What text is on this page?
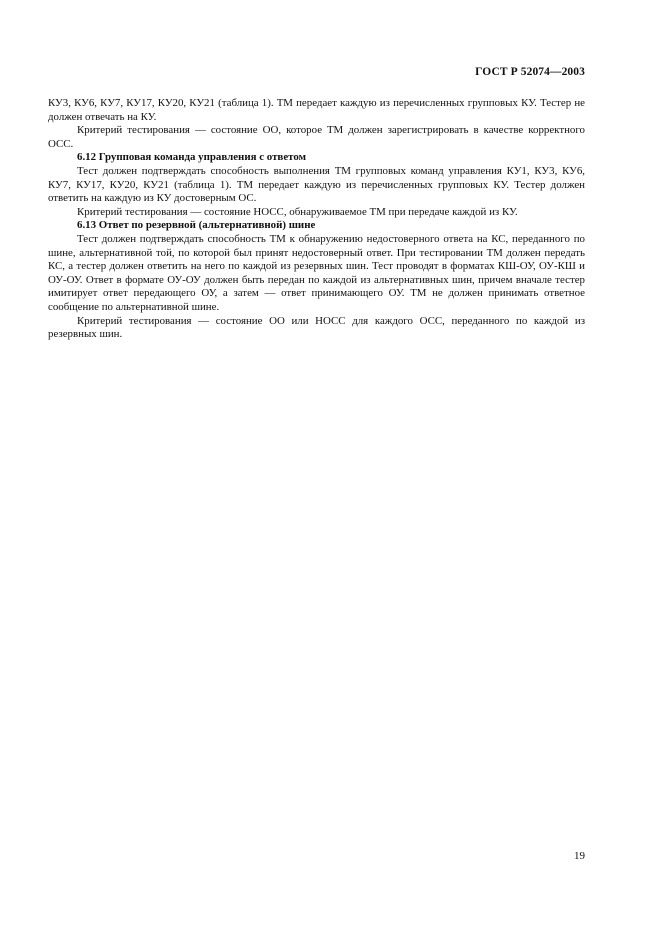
ГОСТ Р 52074—2003

КУ3, КУ6, КУ7, КУ17, КУ20, КУ21 (таблица 1). ТМ передает каждую из перечисленных групповых КУ. Тестер не должен отвечать на КУ.

Критерий тестирования — состояние ОО, которое ТМ должен зарегистрировать в качестве корректного ОСС.

6.12 Групповая команда управления с ответом

Тест должен подтверждать способность выполнения ТМ групповых команд управления КУ1, КУ3, КУ6, КУ7, КУ17, КУ20, КУ21 (таблица 1). ТМ передает каждую из перечисленных групповых КУ. Тестер должен ответить на каждую из КУ достоверным ОС.

Критерий тестирования — состояние НОСС, обнаруживаемое ТМ при передаче каждой из КУ.

6.13 Ответ по резервной (альтернативной) шине

Тест должен подтверждать способность ТМ к обнаружению недостоверного ответа на КС, переданного по шине, альтернативной той, по которой был принят недостоверный ответ. При тестировании ТМ должен передать КС, а тестер должен ответить на него по каждой из резервных шин. Тест проводят в форматах КШ-ОУ, ОУ-КШ и ОУ-ОУ. Ответ в формате ОУ-ОУ должен быть передан по каждой из альтернативных шин, причем вначале тестер имитирует ответ передающего ОУ, а затем — ответ принимающего ОУ. ТМ не должен принимать ответное сообщение по альтернативной шине.

Критерий тестирования — состояние ОО или НОСС для каждого ОСС, переданного по каждой из резервных шин.

19
